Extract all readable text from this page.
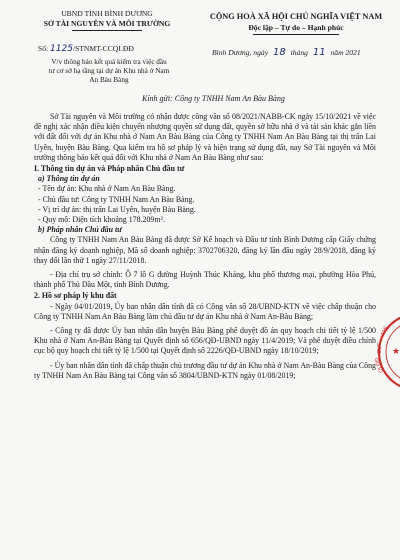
UBND TỈNH BÌNH DƯƠNG
SỞ TÀI NGUYÊN VÀ MÔI TRƯỜNG
CỘNG HOÀ XÃ HỘI CHỦ NGHĨA VIỆT NAM
Độc lập – Tự do – Hạnh phúc
Số: 1125/STNMT-CCQLĐĐ	Bình Dương, ngày 18 tháng 11 năm 2021
V/v thông báo kết quả kiểm tra việc đầu
tư cơ sở hạ tầng tại dự án Khu nhà ở Nam
An Bàu Bàng
Kính gửi: Công ty TNHH Nam An Bàu Bàng

Sở Tài nguyên và Môi trường có nhận được công văn số 08/2021/NABB-CK ngày 15/10/2021 về việc đề nghị xác nhận điều kiện chuyển nhượng quyền sử dụng đất, quyền sở hữu nhà ở và tài sản khác gắn liền với đất đối với dự án Khu nhà ở Nam An Bàu Bàng của Công ty TNHH Nam An Bàu Bàng tại thị trấn Lai Uyên, huyện Bàu Bàng. Qua kiểm tra hồ sơ pháp lý và hiện trạng sử dụng đất, nay Sở Tài nguyên và Môi trường thông báo kết quả đối với Khu nhà ở Nam An Bàu Bàng như sau:

I. Thông tin dự án và Pháp nhân Chủ đầu tư

a) Thông tin dự án

- Tên dự án: Khu nhà ở Nam An Bàu Bàng.

- Chủ đầu tư: Công ty TNHH Nam An Bàu Bàng.

- Vị trí dự án: thị trấn Lai Uyên, huyện Bàu Bàng.

- Quy mô: Diện tích khoảng 178.209m².

b) Pháp nhân Chủ đầu tư

Công ty TNHH Nam An Bàu Bàng đã được Sở Kế hoạch và Đầu tư tỉnh Bình Dương cấp Giấy chứng nhận đăng ký doanh nghiệp, Mã số doanh nghiệp: 3702706320, đăng ký lần đầu ngày 28/9/2018, đăng ký thay đổi lần thứ 1 ngày 27/11/2018.

- Địa chỉ trụ sở chính: Ô 7 lô G đường Huỳnh Thúc Kháng, khu phố thương mại, phường Hòa Phú, thành phố Thủ Dầu Một, tỉnh Bình Dương.

2. Hồ sơ pháp lý khu đất

- Ngày 04/01/2019, Ủy ban nhân dân tỉnh đã có Công văn số 28/UBND-KTN về việc chấp thuận cho Công ty TNHH Nam An Bàu Bàng làm chủ đầu tư dự án Khu nhà ở Nam An-Bàu Bàng;

- Công ty đã được Ủy ban nhân dân huyện Bàu Bàng phê duyệt đồ án quy hoạch chi tiết tỷ lệ 1/500 Khu nhà ở Nam An-Bàu Bàng tại Quyết định số 656/QĐ-UBND ngày 11/4/2019; Và phê duyệt điều chỉnh cục bộ quy hoạch chi tiết tỷ lệ 1/500 tại Quyết định số 2226/QĐ-UBND ngày 18/10/2019;

- Ủy ban nhân dân tỉnh đã chấp thuận chủ trương đầu tư dự án Khu nhà ở Nam An-Bàu Bàng của Công ty TNHH Nam An Bàu Bàng tại Công văn số 3804/UBND-KTN ngày 01/08/2019;

CHI
CỤC
QLĐĐ
★
